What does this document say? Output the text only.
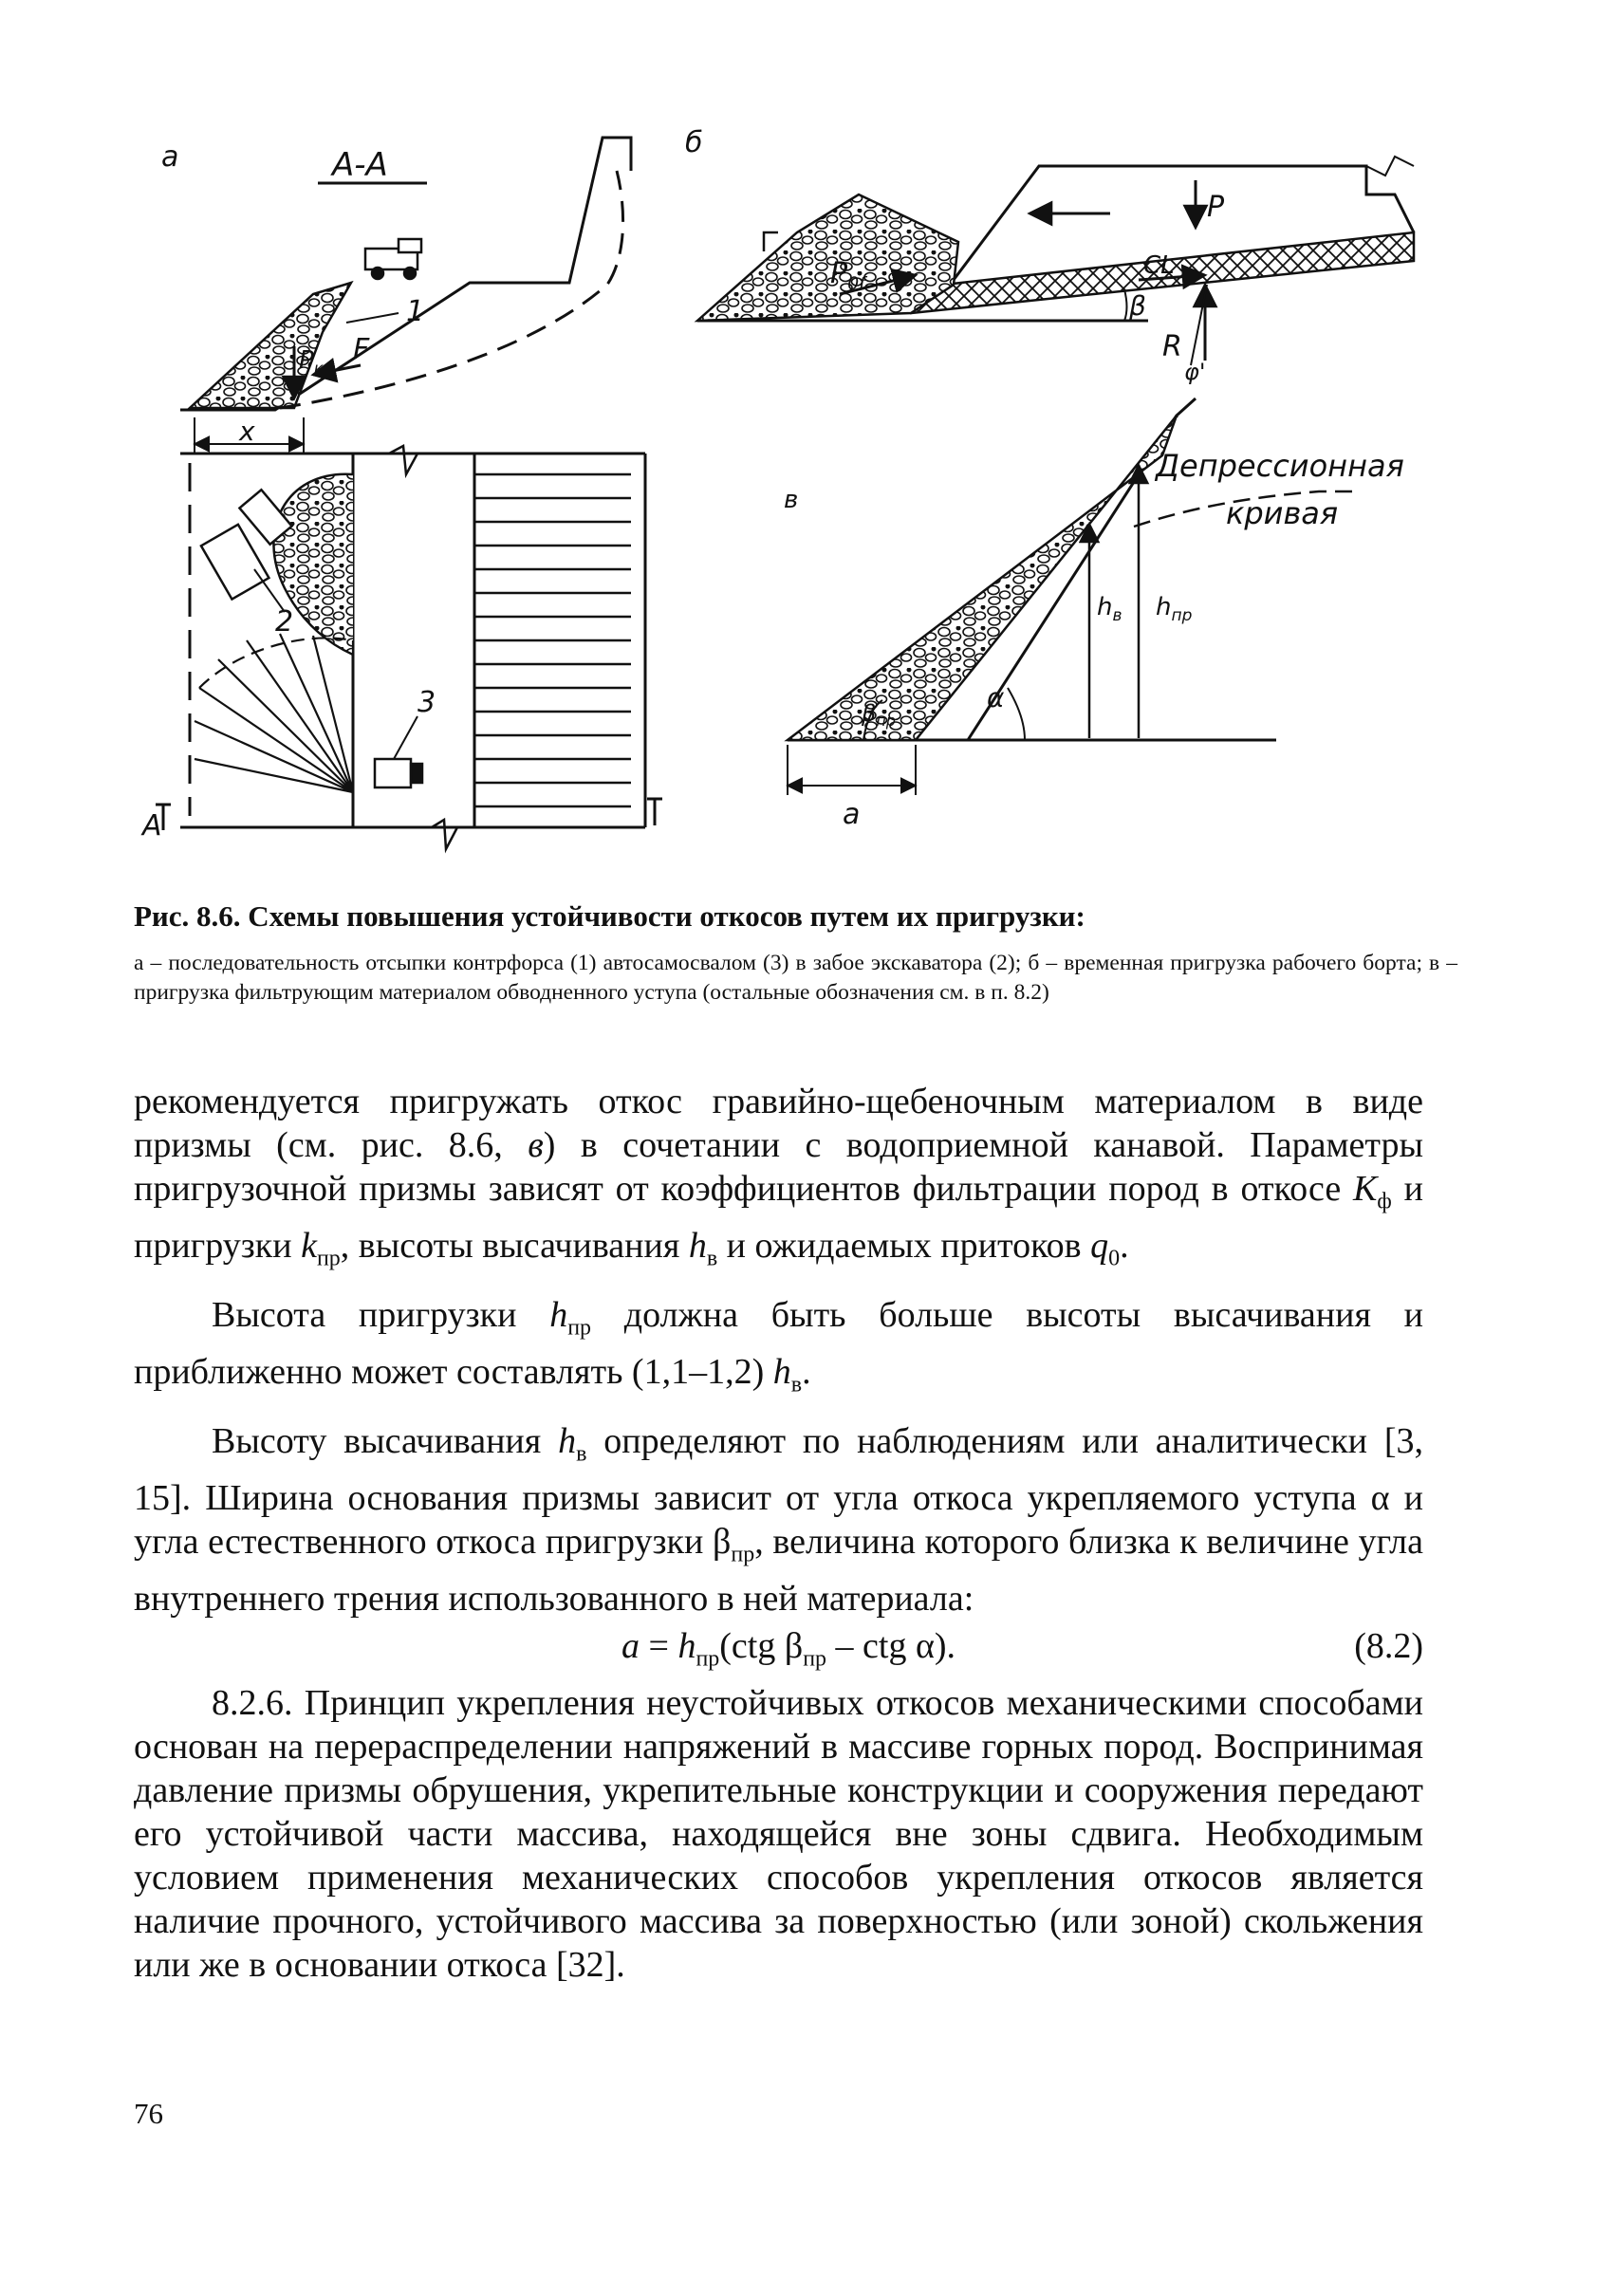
а	А-А
1
$P_к$
F
x
2
3
А
б
$P_{0f}$
P
CL
β
R
φ'
в
Депрессионная
кривая
$h_в$ $h_{пр}$
$\beta_{пр}$
α
a
Рис. 8.6. Схемы повышения устойчивости откосов путем их пригрузки:
а – последовательность отсыпки контрфорса (1) автосамосвалом (3) в забое экскаватора (2); б – временная пригрузка рабочего борта; в – пригрузка фильтрующим материалом обводненного уступа (остальные обозначения см. в п. 8.2)
рекомендуется пригружать откос гравийно-щебеночным материалом в виде призмы (см. рис. 8.6, в) в сочетании с водоприемной канавой. Параметры пригрузочной призмы зависят от коэффициентов фильтрации пород в откосе $К_ф$ и пригрузки $k_{пр}$, высоты высачивания $h_в$ и ожидаемых притоков $q_0$.
Высота пригрузки $h_{пр}$ должна быть больше высоты высачивания и приближенно может составлять (1,1–1,2) $h_в$.
Высоту высачивания $h_в$ определяют по наблюдениям или аналитически [3, 15]. Ширина основания призмы зависит от угла откоса укрепляемого уступа α и угла естественного откоса пригрузки $\beta_{пр}$, величина которого близка к величине угла внутреннего трения использованного в ней материала:
$а = h_{пр}(ctg$ $\beta_{пр}$ – ctg α).	(8.2)
8.2.6. Принцип укрепления неустойчивых откосов механическими способами основан на перераспределении напряжений в массиве горных пород. Воспринимая давление призмы обрушения, укрепительные конструкции и сооружения передают его устойчивой части массива, находящейся вне зоны сдвига. Необходимым условием применения механических способов укрепления откосов является наличие прочного, устойчивого массива за поверхностью (или зоной) скольжения или же в основании откоса [32].
76
